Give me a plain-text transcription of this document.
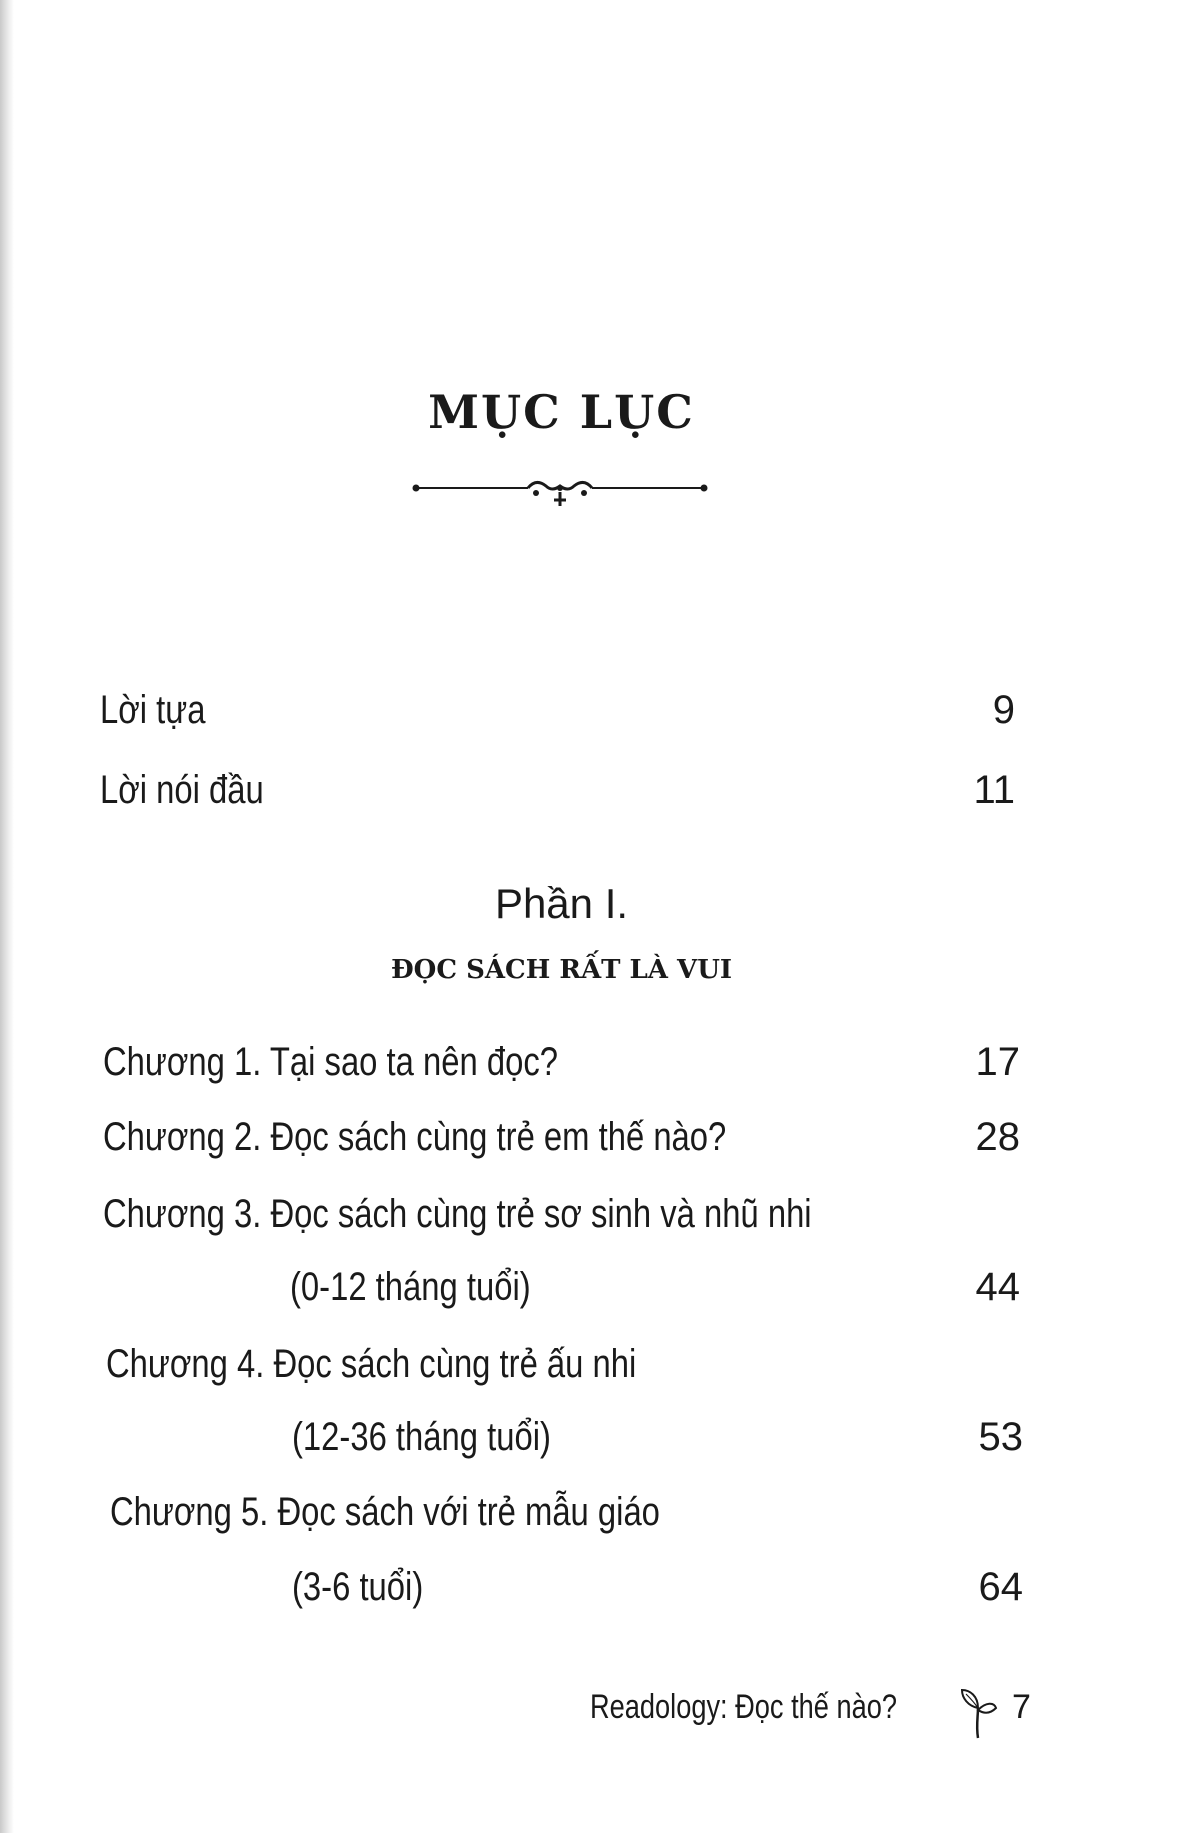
MỤC LỤC
Lời tựa	9
Lời nói đầu	11
Phần I.
ĐỌC SÁCH RẤT LÀ VUI
Chương 1. Tại sao ta nên đọc?	17
Chương 2. Đọc sách cùng trẻ em thế nào?	28
Chương 3. Đọc sách cùng trẻ sơ sinh và nhũ nhi
(0-12 tháng tuổi)	44
Chương 4. Đọc sách cùng trẻ ấu nhi
(12-36 tháng tuổi)	53
Chương 5. Đọc sách với trẻ mẫu giáo
(3-6 tuổi)	64
Readology: Đọc thế nào?	7
